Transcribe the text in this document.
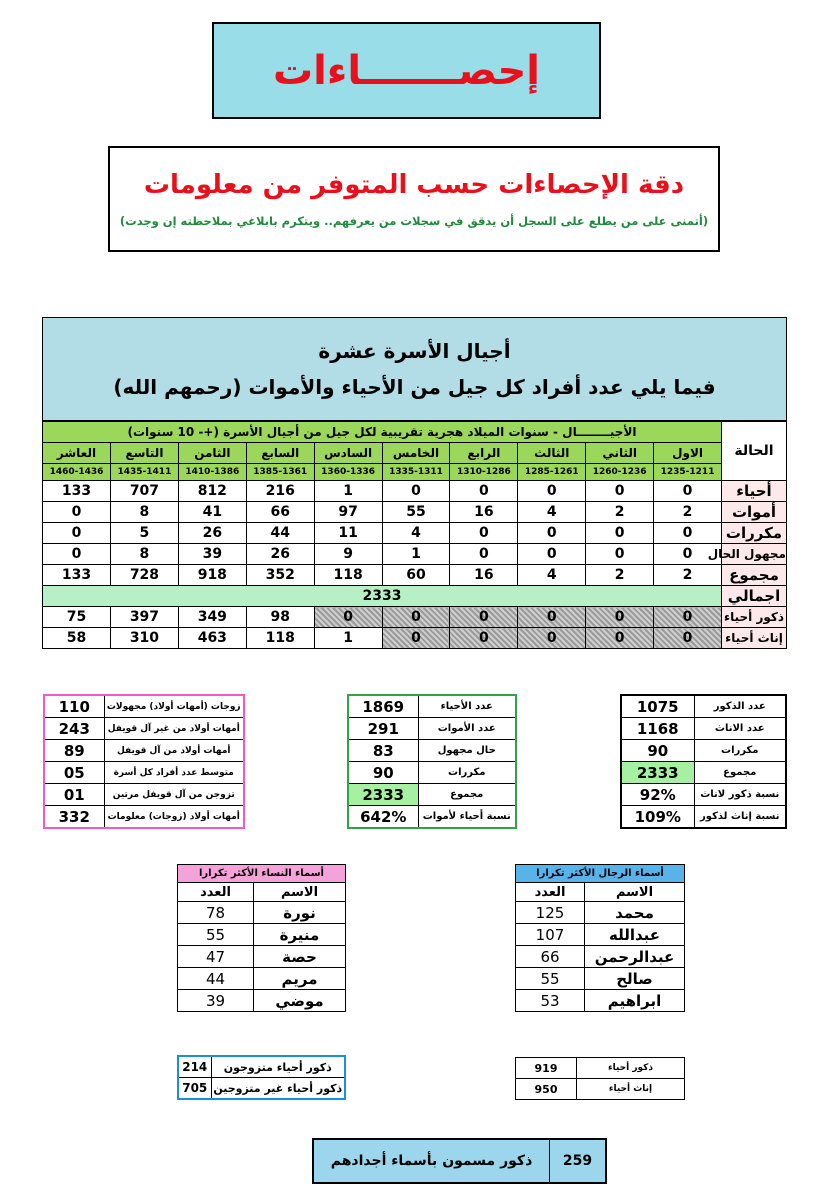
إحصـــــــاءات
دقة الإحصاءات حسب المتوفر من معلومات
(أتمنى على من يطلع على السجل أن يدقق في سجلات من يعرفهم.. ويتكرم بابلاغي بملاحظته إن وجدت)
أجيال الأسرة عشرة
فيما يلي عدد أفراد كل جيل من الأحياء والأموات (رحمهم الله)
الحالة	الأجيــــــــال - سنوات الميلاد هجرية تقريبية لكل جيل من أجيال الأسرة (+- 10 سنوات)									
	الاول	الثاني	الثالث	الرابع	الخامس	السادس	السابع	الثامن	التاسع	العاشر
	1235-1211	1260-1236	1285-1261	1310-1286	1335-1311	1360-1336	1385-1361	1410-1386	1435-1411	1460-1436
أحياء	0	0	0	0	0	1	216	812	707	133
أموات	2	2	4	16	55	97	66	41	8	0
مكررات	0	0	0	0	4	11	44	26	5	0
مجهول الحال	0	0	0	0	1	9	26	39	8	0
مجموع	2	2	4	16	60	118	352	918	728	133
اجمالي	2333									
ذكور أحياء	0	0	0	0	0	0	98	349	397	75
إناث أحياء	0	0	0	0	0	1	118	463	310	58
زوجات (أمهات أولاد) مجهولات	110
أمهات أولاد من غير آل قويفل	243
أمهات أولاد من آل قويفل	89
متوسط عدد أفراد كل أسرة	05
تزوجن من آل قويفل مرتين	01
أمهات أولاد (زوجات) معلومات	332
عدد الأحياء	1869
عدد الأموات	291
حال مجهول	83
مكررات	90
مجموع	2333
نسبة أحياء لأموات	642%
عدد الذكور	1075
عدد الاناث	1168
مكررات	90
مجموع	2333
نسبة ذكور لاناث	92%
نسبة إناث لذكور	109%
أسماء النساء الأكثر تكرارا	
الاسم	العدد
نورة	78
منيرة	55
حصة	47
مريم	44
موضي	39
أسماء الرجال الأكثر تكرارا	
الاسم	العدد
محمد	125
عبدالله	107
عبدالرحمن	66
صالح	55
ابراهيم	53
ذكور أحياء متزوجون	214
ذكور أحياء غير متزوجين	705
ذكور أحياء	919
إناث أحياء	950
ذكور مسمون بأسماء أجدادهم	259
